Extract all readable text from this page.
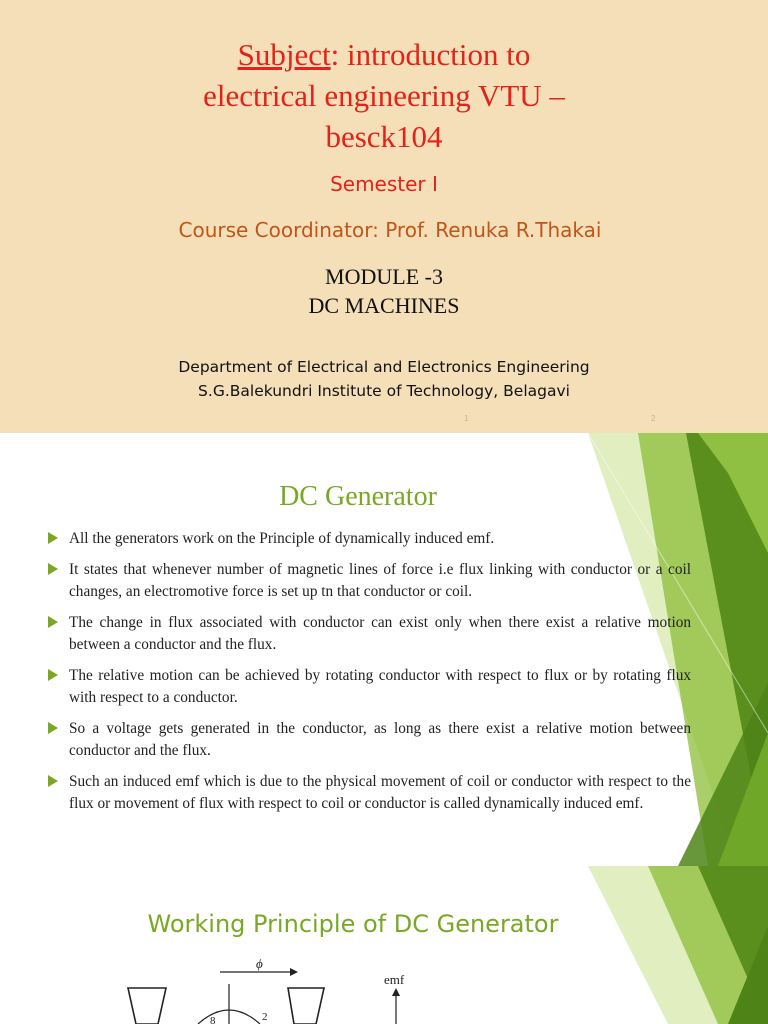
Subject: introduction to
electrical engineering VTU –
besck104
Semester I
Course Coordinator: Prof. Renuka R.Thakai
MODULE -3
DC MACHINES
Department of Electrical and Electronics Engineering
S.G.Balekundri Institute of Technology, Belagavi
1	2
DC Generator
All the generators work on the Principle of dynamically induced emf.
It states that whenever number of magnetic lines of force i.e flux linking with conductor or a coil changes, an electromotive force is set up tn that conductor or coil.
The change in flux associated with conductor can exist only when there exist a relative motion between a conductor and the flux.
The relative motion can be achieved by rotating conductor with respect to flux or by rotating flux with respect to a conductor.
So a voltage gets generated in the conductor, as long as there exist a relative motion between conductor and the flux.
Such an induced emf which is due to the physical movement of coil or conductor with respect to the flux or movement of flux with respect to coil or conductor is called dynamically induced emf.
Working Principle of DC Generator
ϕ
8	2
emf
